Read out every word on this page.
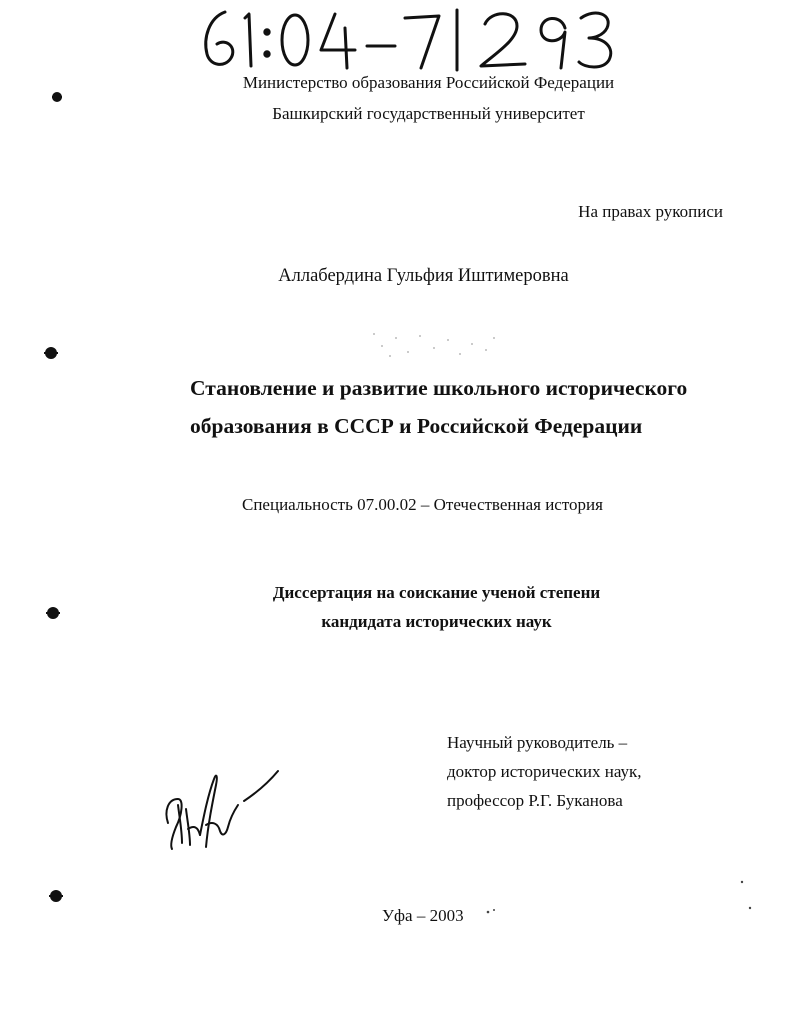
Министерство образования Российской Федерации
Башкирский государственный университет
На правах рукописи
Аллабердина Гульфия Иштимеровна
Становление и развитие школьного исторического
образования в СССР и Российской Федерации
Специальность 07.00.02 – Отечественная история
Диссертация на соискание ученой степени
кандидата исторических наук
Научный руководитель –
доктор исторических наук,
профессор Р.Г. Буканова
Уфа – 2003
